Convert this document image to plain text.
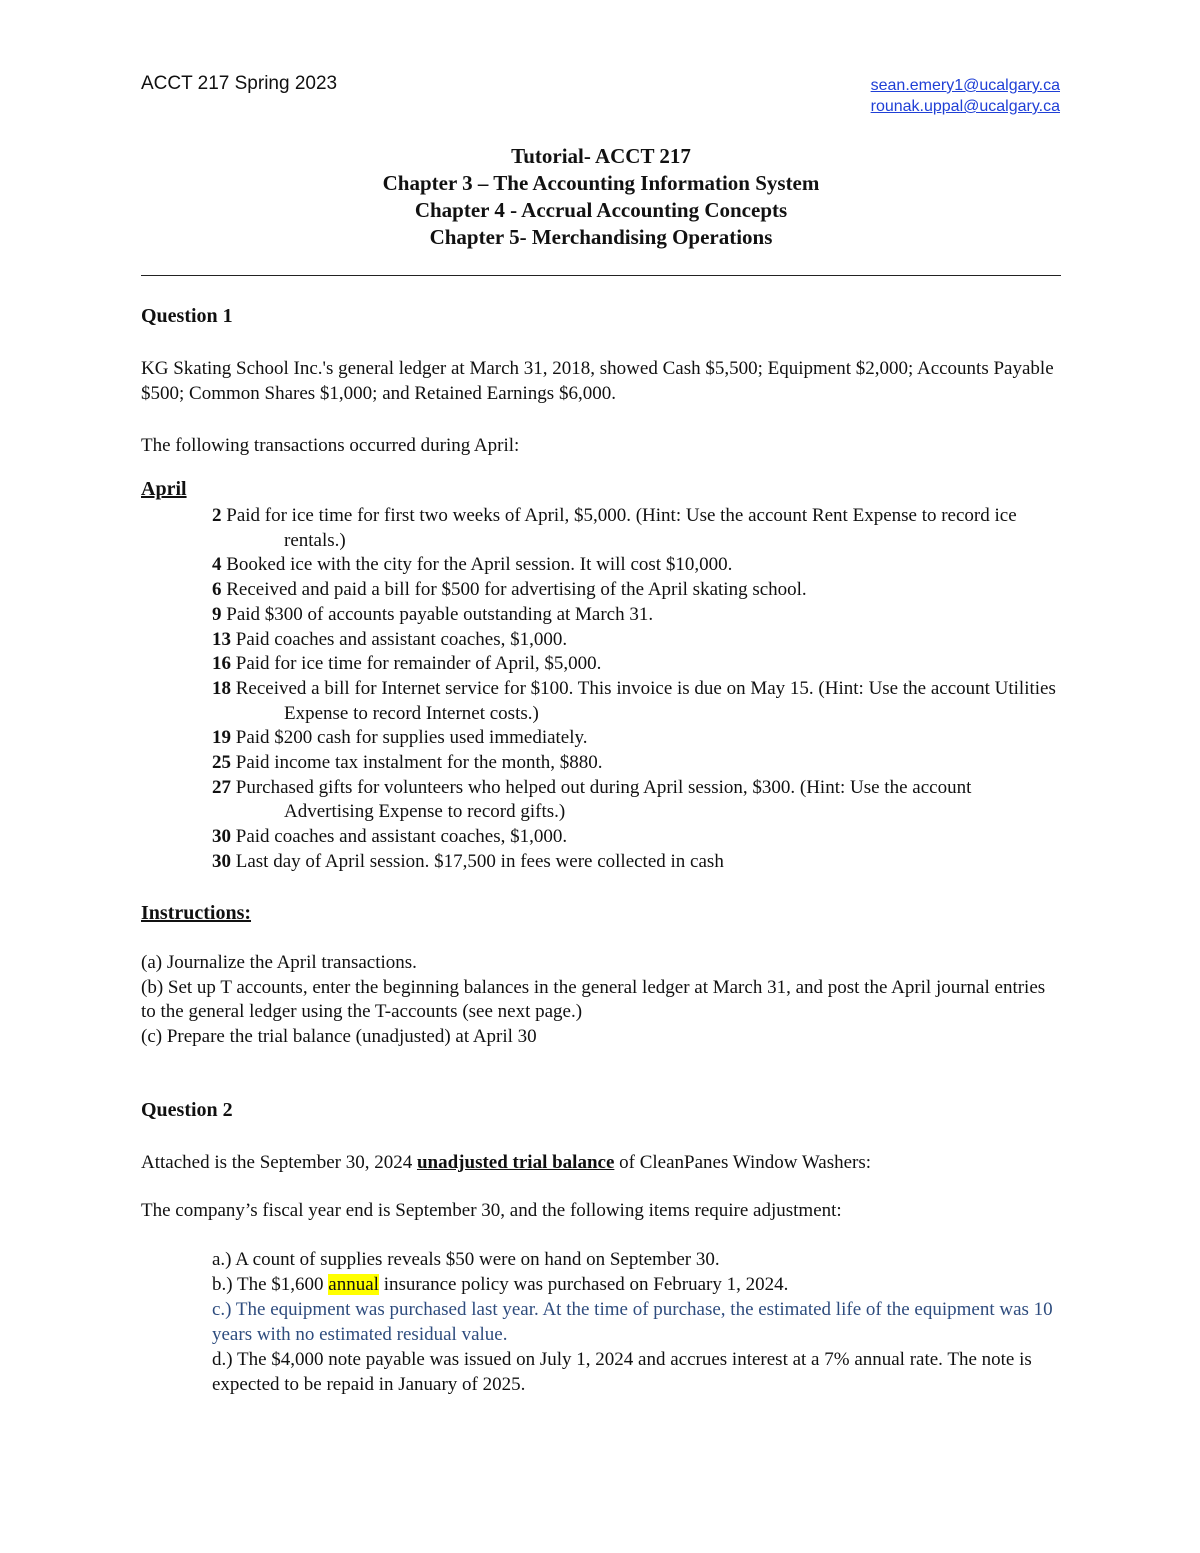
ACCT 217 Spring 2023	sean.emery1@ucalgary.ca
rounak.uppal@ucalgary.ca
Tutorial- ACCT 217
Chapter 3 – The Accounting Information System
Chapter 4 - Accrual Accounting Concepts
Chapter 5- Merchandising Operations
Question 1
KG Skating School Inc.'s general ledger at March 31, 2018, showed Cash $5,500; Equipment $2,000; Accounts Payable $500; Common Shares $1,000; and Retained Earnings $6,000.
The following transactions occurred during April:
April
2 Paid for ice time for first two weeks of April, $5,000. (Hint: Use the account Rent Expense to record ice rentals.)
4 Booked ice with the city for the April session. It will cost $10,000.
6 Received and paid a bill for $500 for advertising of the April skating school.
9 Paid $300 of accounts payable outstanding at March 31.
13 Paid coaches and assistant coaches, $1,000.
16 Paid for ice time for remainder of April, $5,000.
18 Received a bill for Internet service for $100. This invoice is due on May 15. (Hint: Use the account Utilities Expense to record Internet costs.)
19 Paid $200 cash for supplies used immediately.
25 Paid income tax instalment for the month, $880.
27 Purchased gifts for volunteers who helped out during April session, $300. (Hint: Use the account Advertising Expense to record gifts.)
30 Paid coaches and assistant coaches, $1,000.
30 Last day of April session. $17,500 in fees were collected in cash
Instructions:
(a) Journalize the April transactions.
(b) Set up T accounts, enter the beginning balances in the general ledger at March 31, and post the April journal entries to the general ledger using the T-accounts (see next page.)
(c) Prepare the trial balance (unadjusted) at April 30
Question 2
Attached is the September 30, 2024 unadjusted trial balance of CleanPanes Window Washers:
The company’s fiscal year end is September 30, and the following items require adjustment:
a.) A count of supplies reveals $50 were on hand on September 30.
b.) The $1,600 annual insurance policy was purchased on February 1, 2024.
c.) The equipment was purchased last year. At the time of purchase, the estimated life of the equipment was 10 years with no estimated residual value.
d.) The $4,000 note payable was issued on July 1, 2024 and accrues interest at a 7% annual rate. The note is expected to be repaid in January of 2025.
